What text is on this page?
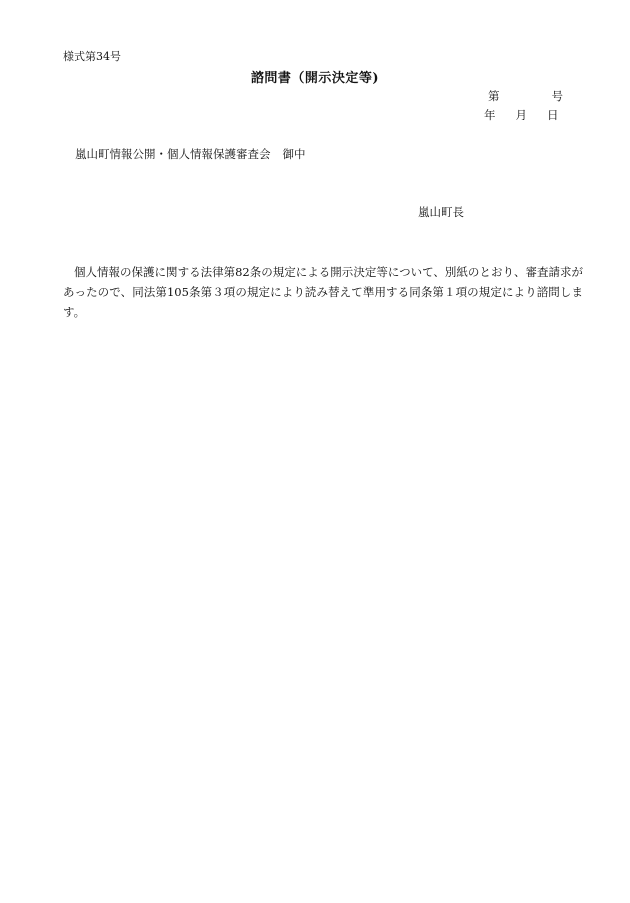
様式第34号
諮問書（開示決定等)
第	号
年 月 日
嵐山町情報公開・個人情報保護審査会 御中
嵐山町長
個人情報の保護に関する法律第82条の規定による開示決定等について、別紙のとおり、審査請求があったので、同法第105条第３項の規定により読み替えて準用する同条第１項の規定により諮問します。
